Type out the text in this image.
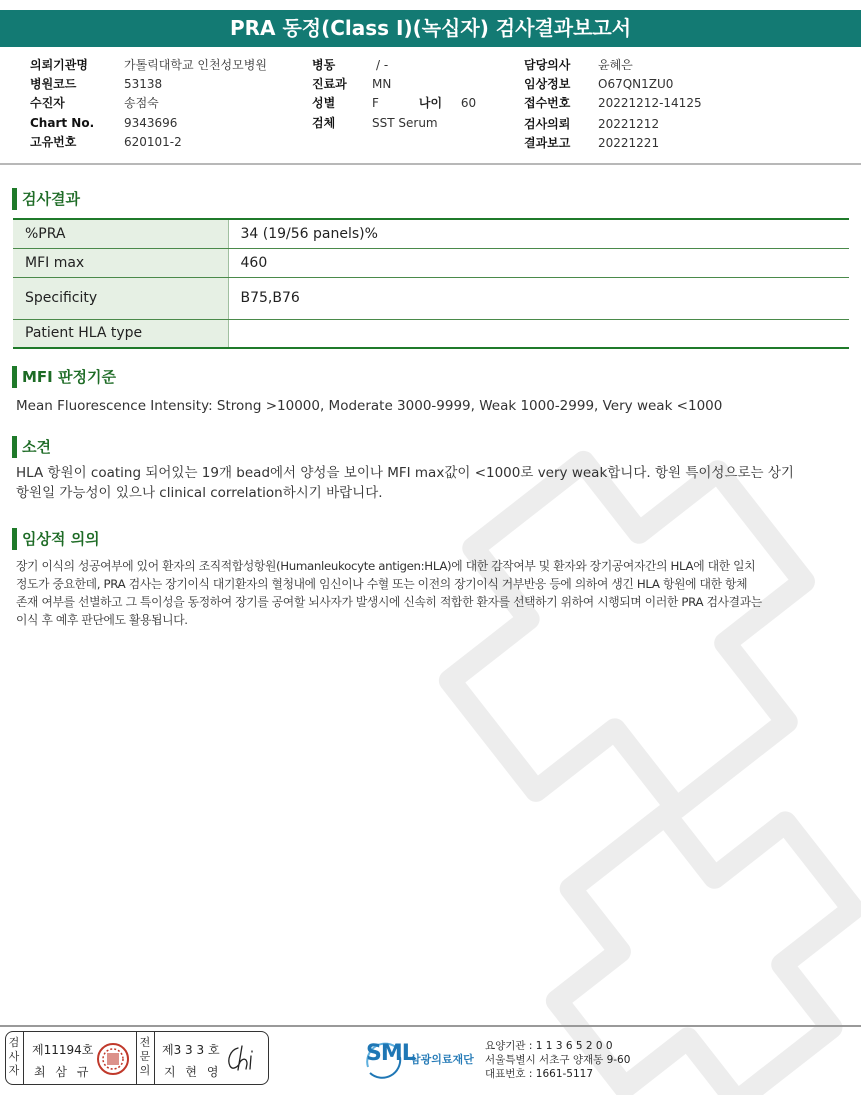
PRA 동정(Class I)(녹십자) 검사결과보고서
의뢰기관명	가톨릭대학교 인천성모병원
병원코드	53138
수진자	송점숙
Chart No.	9343696
고유번호	620101-2
병동	/ -
진료과	MN
성별	F	나이	60
검체	SST Serum
담당의사	윤혜은
임상정보	O67QN1ZU0
접수번호	20221212-14125
검사의뢰	20221212
결과보고	20221221
검사결과
%PRA	34 (19/56 panels)%
MFI max	460
Specificity	B75,B76
Patient HLA type	
MFI 판정기준
Mean Fluorescence Intensity: Strong >10000, Moderate 3000-9999, Weak 1000-2999, Very weak <1000
소견
HLA 항원이 coating 되어있는 19개 bead에서 양성을 보이나 MFI max값이 <1000로 very weak합니다. 항원 특이성으로는 상기
항원일 가능성이 있으나 clinical correlation하시기 바랍니다.
임상적 의의
장기 이식의 성공여부에 있어 환자의 조직적합성항원(Humanleukocyte antigen:HLA)에 대한 감작여부 및 환자와 장기공여자간의 HLA에 대한 일치
정도가 중요한데, PRA 검사는 장기이식 대기환자의 혈청내에 임신이나 수혈 또는 이전의 장기이식 거부반응 등에 의하여 생긴 HLA 항원에 대한 항체
존재 여부를 선별하고 그 특이성을 동정하여 장기를 공여할 뇌사자가 발생시에 신속히 적합한 환자를 선택하기 위하여 시행되며 이러한 PRA 검사결과는
이식 후 예후 판단에도 활용됩니다.
검
사
자
제11194호
최 삼 규
전
문
의
제3 3 3 호
지 현 영
SML
삼광의료재단
요양기관 : 1 1 3 6 5 2 0 0
서울특별시 서초구 양재동 9-60
대표번호 : 1661-5117
